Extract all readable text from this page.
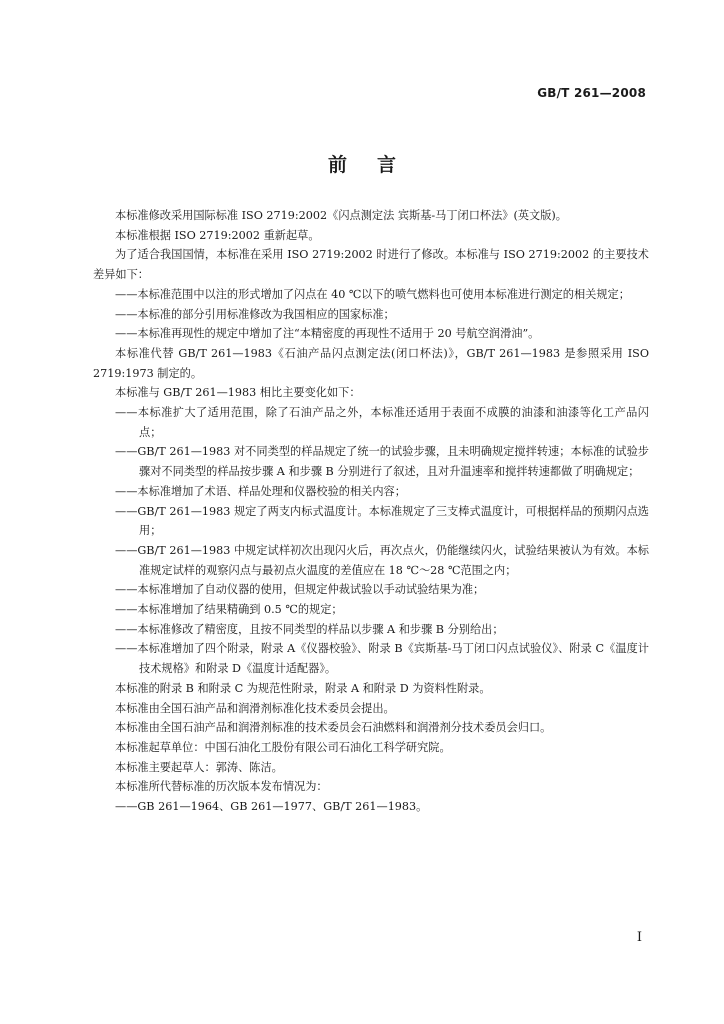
GB/T 261—2008
前言

本标准修改采用国际标准 ISO 2719:2002《闪点测定法 宾斯基-马丁闭口杯法》(英文版)。

本标准根据 ISO 2719:2002 重新起草。

为了适合我国国情，本标准在采用 ISO 2719:2002 时进行了修改。本标准与 ISO 2719:2002 的主要技术差异如下：

——本标准范围中以注的形式增加了闪点在 40 ℃以下的喷气燃料也可使用本标准进行测定的相关规定；

——本标准的部分引用标准修改为我国相应的国家标准；

——本标准再现性的规定中增加了注“本精密度的再现性不适用于 20 号航空润滑油”。

本标准代替 GB/T 261—1983《石油产品闪点测定法(闭口杯法)》，GB/T 261—1983 是参照采用 ISO 2719:1973 制定的。

本标准与 GB/T 261—1983 相比主要变化如下：

——本标准扩大了适用范围，除了石油产品之外，本标准还适用于表面不成膜的油漆和油漆等化工产品闪点；

——GB/T 261—1983 对不同类型的样品规定了统一的试验步骤，且未明确规定搅拌转速；本标准的试验步骤对不同类型的样品按步骤 A 和步骤 B 分别进行了叙述，且对升温速率和搅拌转速都做了明确规定；

——本标准增加了术语、样品处理和仪器校验的相关内容；

——GB/T 261—1983 规定了两支内标式温度计。本标准规定了三支棒式温度计，可根据样品的预期闪点选用；

——GB/T 261—1983 中规定试样初次出现闪火后，再次点火，仍能继续闪火，试验结果被认为有效。本标准规定试样的观察闪点与最初点火温度的差值应在 18 ℃～28 ℃范围之内；

——本标准增加了自动仪器的使用，但规定仲裁试验以手动试验结果为准；

——本标准增加了结果精确到 0.5 ℃的规定；

——本标准修改了精密度，且按不同类型的样品以步骤 A 和步骤 B 分别给出；

——本标准增加了四个附录，附录 A《仪器校验》、附录 B《宾斯基-马丁闭口闪点试验仪》、附录 C《温度计技术规格》和附录 D《温度计适配器》。

本标准的附录 B 和附录 C 为规范性附录，附录 A 和附录 D 为资料性附录。

本标准由全国石油产品和润滑剂标准化技术委员会提出。

本标准由全国石油产品和润滑剂标准的技术委员会石油燃料和润滑剂分技术委员会归口。

本标准起草单位：中国石油化工股份有限公司石油化工科学研究院。

本标准主要起草人：郭涛、陈洁。

本标准所代替标准的历次版本发布情况为：

——GB 261—1964、GB 261—1977、GB/T 261—1983。

I
